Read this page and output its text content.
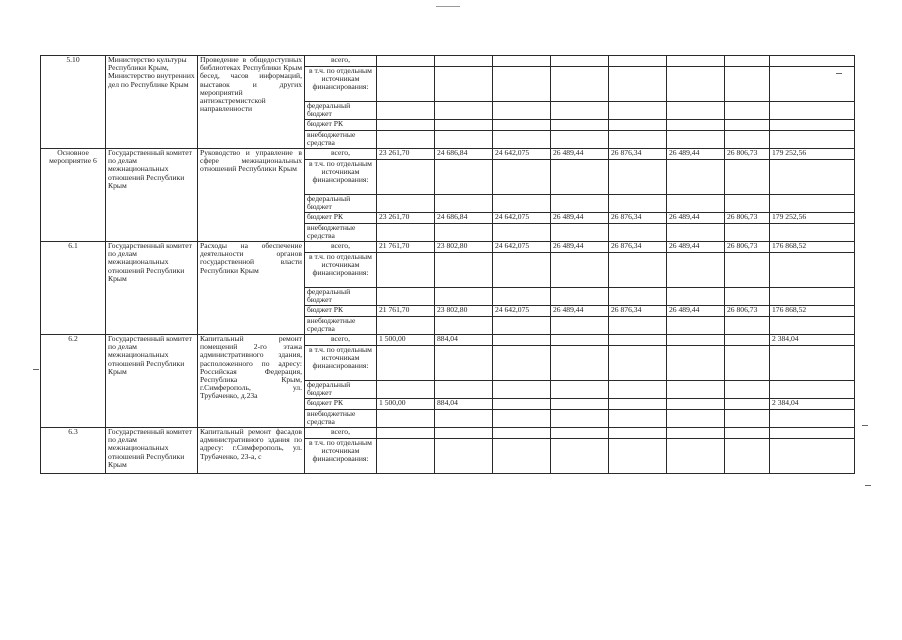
5.10	Министерство культуры Республики Крым, Министерство внутренних дел по Республике Крым	Проведение в общедоступных библиотеках Республики Крым бесед, часов информаций, выставок и других мероприятий антиэкстремистской направленности	всего,								
			в т.ч. по отдельным источникам финансирования:								
			федеральный бюджет								
			бюджет РК								
			внебюджетные средства								
Основное мероприятие 6	Государственный комитет по делам межнациональных отношений Республики Крым	Руководство и управление в сфере межнациональных отношений Республики Крым	всего,	23 261,70	24 686,84	24 642,075	26 489,44	26 876,34	26 489,44	26 806,73	179 252,56
			в т.ч. по отдельным источникам финансирования:								
			федеральный бюджет								
			бюджет РК	23 261,70	24 686,84	24 642,075	26 489,44	26 876,34	26 489,44	26 806,73	179 252,56
			внебюджетные средства								
6.1	Государственный комитет по делам межнациональных отношений Республики Крым	Расходы на обеспечение деятельности органов государственной власти Республики Крым	всего,	21 761,70	23 802,80	24 642,075	26 489,44	26 876,34	26 489,44	26 806,73	176 868,52
			в т.ч. по отдельным источникам финансирования:								
			федеральный бюджет								
			бюджет РК	21 761,70	23 802,80	24 642,075	26 489,44	26 876,34	26 489,44	26 806,73	176 868,52
			внебюджетные средства								
6.2	Государственный комитет по делам межнациональных отношений Республики Крым	Капитальный ремонт помещений 2-го этажа административного здания, расположенного по адресу: Российская Федерация, Республика Крым, г.Симферополь, ул. Трубаченко, д.23а	всего,	1 500,00	884,04						2 384,04
			в т.ч. по отдельным источникам финансирования:								
			федеральный бюджет								
			бюджет РК	1 500,00	884,04						2 384,04
			внебюджетные средства								
6.3	Государственный комитет по делам межнациональных отношений Республики Крым	Капитальный ремонт фасадов административного здания по адресу: г.Симферополь, ул. Трубаченко, 23-а, с	всего,								
			в т.ч. по отдельным источникам финансирования:								
